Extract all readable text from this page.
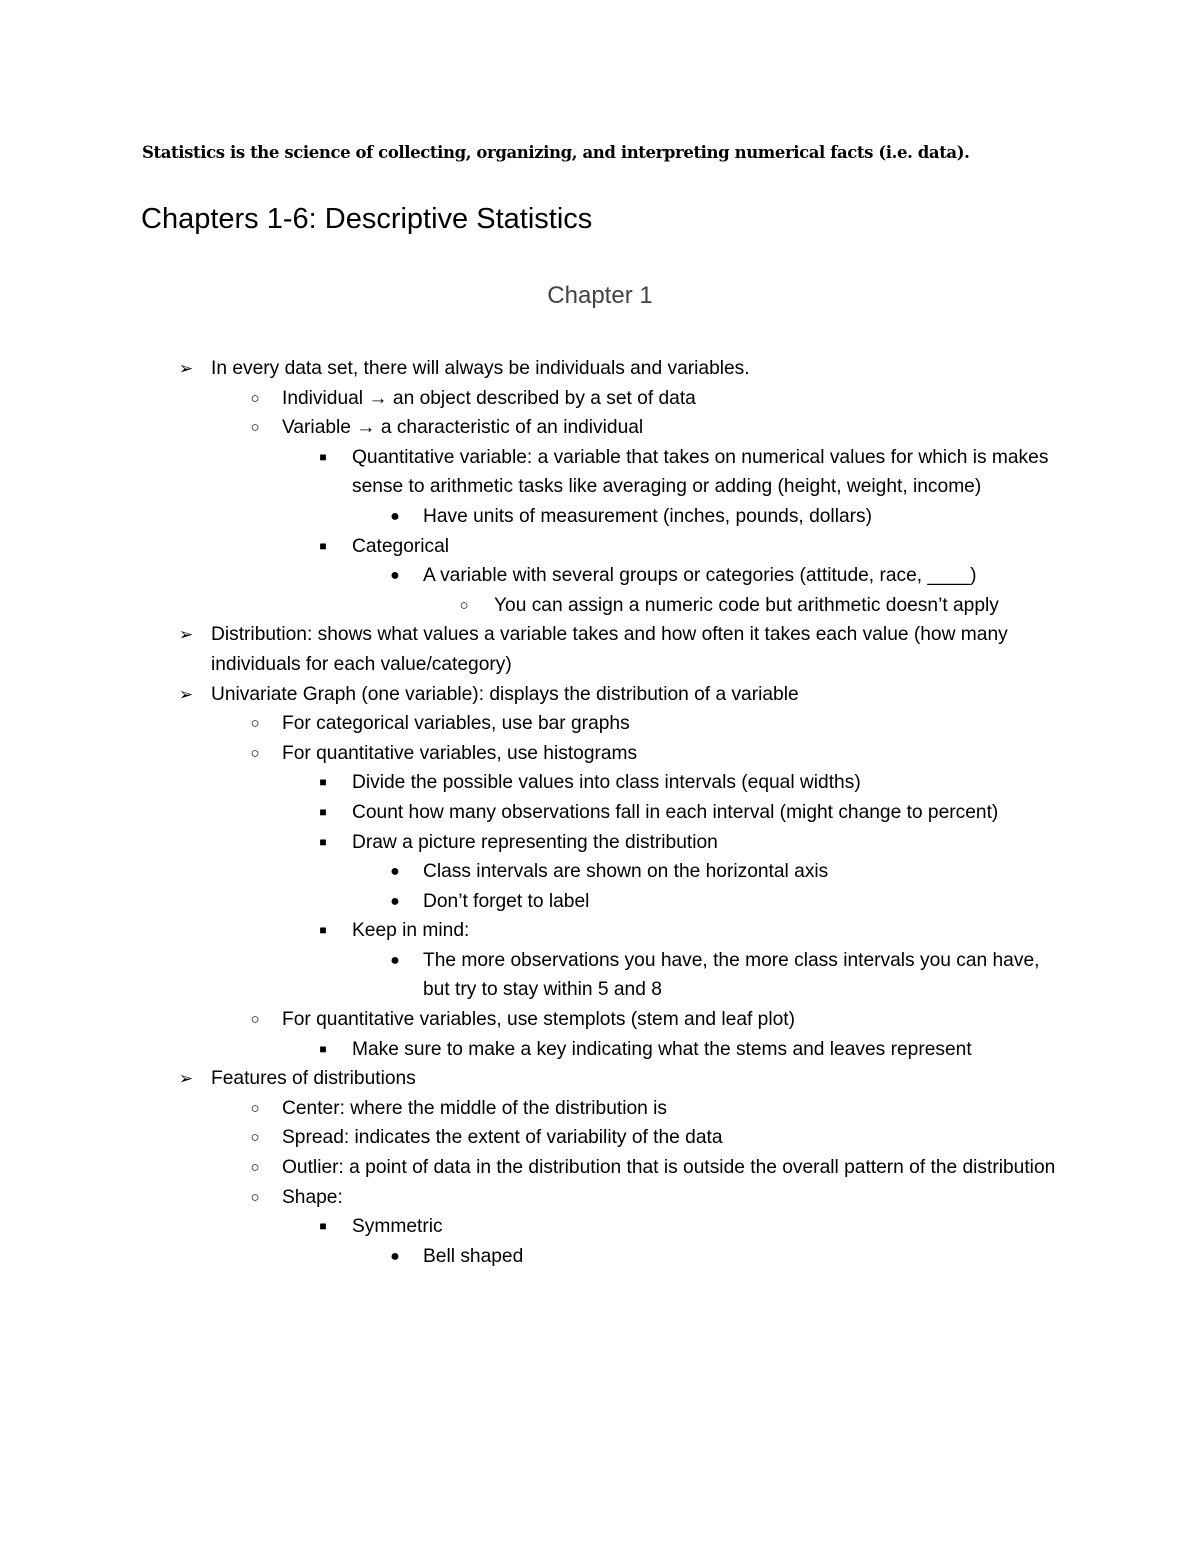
Statistics is the science of collecting, organizing, and interpreting numerical facts (i.e. data).
Chapters 1-6: Descriptive Statistics
Chapter 1
➢ In every data set, there will always be individuals and variables.
○ Individual → an object described by a set of data
○ Variable → a characteristic of an individual
■	Quantitative variable: a variable that takes on numerical values for which is makes sense to arithmetic tasks like averaging or adding (height, weight, income)
● Have units of measurement (inches, pounds, dollars)
■	Categorical
● A variable with several groups or categories (attitude, race, ____)
○ You can assign a numeric code but arithmetic doesn’t apply
➢ Distribution: shows what values a variable takes and how often it takes each value (how many individuals for each value/category)
➢ Univariate Graph (one variable): displays the distribution of a variable
○ For categorical variables, use bar graphs
○ For quantitative variables, use histograms
■	Divide the possible values into class intervals (equal widths)
■	Count how many observations fall in each interval (might change to percent)
■	Draw a picture representing the distribution
● Class intervals are shown on the horizontal axis
● Don’t forget to label
■	Keep in mind:
● The more observations you have, the more class intervals you can have, but try to stay within 5 and 8
○ For quantitative variables, use stemplots (stem and leaf plot)
■	Make sure to make a key indicating what the stems and leaves represent
➢ Features of distributions
○ Center: where the middle of the distribution is
○ Spread: indicates the extent of variability of the data
○ Outlier: a point of data in the distribution that is outside the overall pattern of the distribution
○ Shape:
■	Symmetric
● Bell shaped
